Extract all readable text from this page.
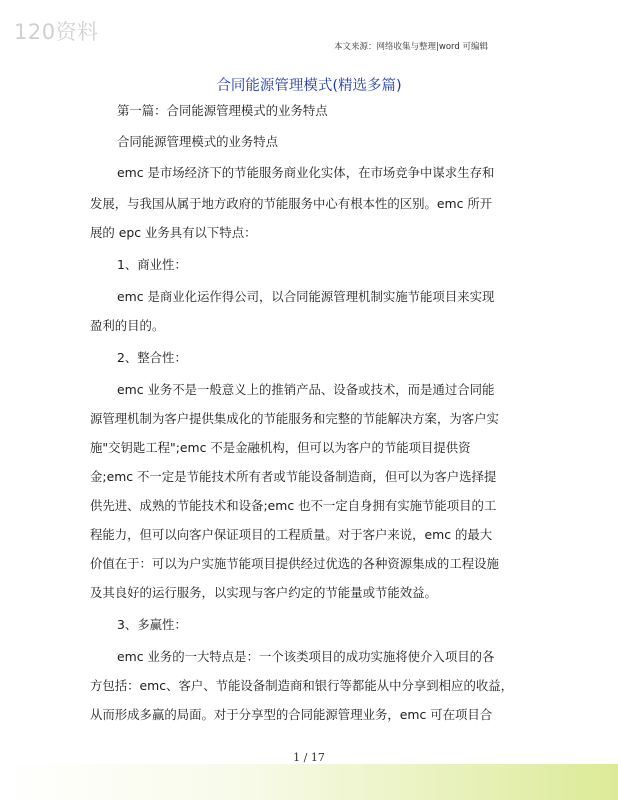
120资料
本文来源：网络收集与整理|word 可编辑
合同能源管理模式(精选多篇)
第一篇：合同能源管理模式的业务特点
合同能源管理模式的业务特点
emc 是市场经济下的节能服务商业化实体，在市场竞争中谋求生存和
发展，与我国从属于地方政府的节能服务中心有根本性的区别。emc 所开
展的 epc 业务具有以下特点：
1、商业性：
emc 是商业化运作得公司，以合同能源管理机制实施节能项目来实现
盈利的目的。
2、整合性：
emc 业务不是一般意义上的推销产品、设备或技术，而是通过合同能
源管理机制为客户提供集成化的节能服务和完整的节能解决方案，为客户实
施"交钥匙工程";emc 不是金融机构，但可以为客户的节能项目提供资
金;emc 不一定是节能技术所有者或节能设备制造商，但可以为客户选择提
供先进、成熟的节能技术和设备;emc 也不一定自身拥有实施节能项目的工
程能力，但可以向客户保证项目的工程质量。对于客户来说，emc 的最大
价值在于：可以为户实施节能项目提供经过优选的各种资源集成的工程设施
及其良好的运行服务，以实现与客户约定的节能量或节能效益。
3、多赢性：
emc 业务的一大特点是：一个该类项目的成功实施将使介入项目的各
方包括：emc、客户、节能设备制造商和银行等都能从中分享到相应的收益，
从而形成多赢的局面。对于分享型的合同能源管理业务，emc 可在项目合
1 / 17
